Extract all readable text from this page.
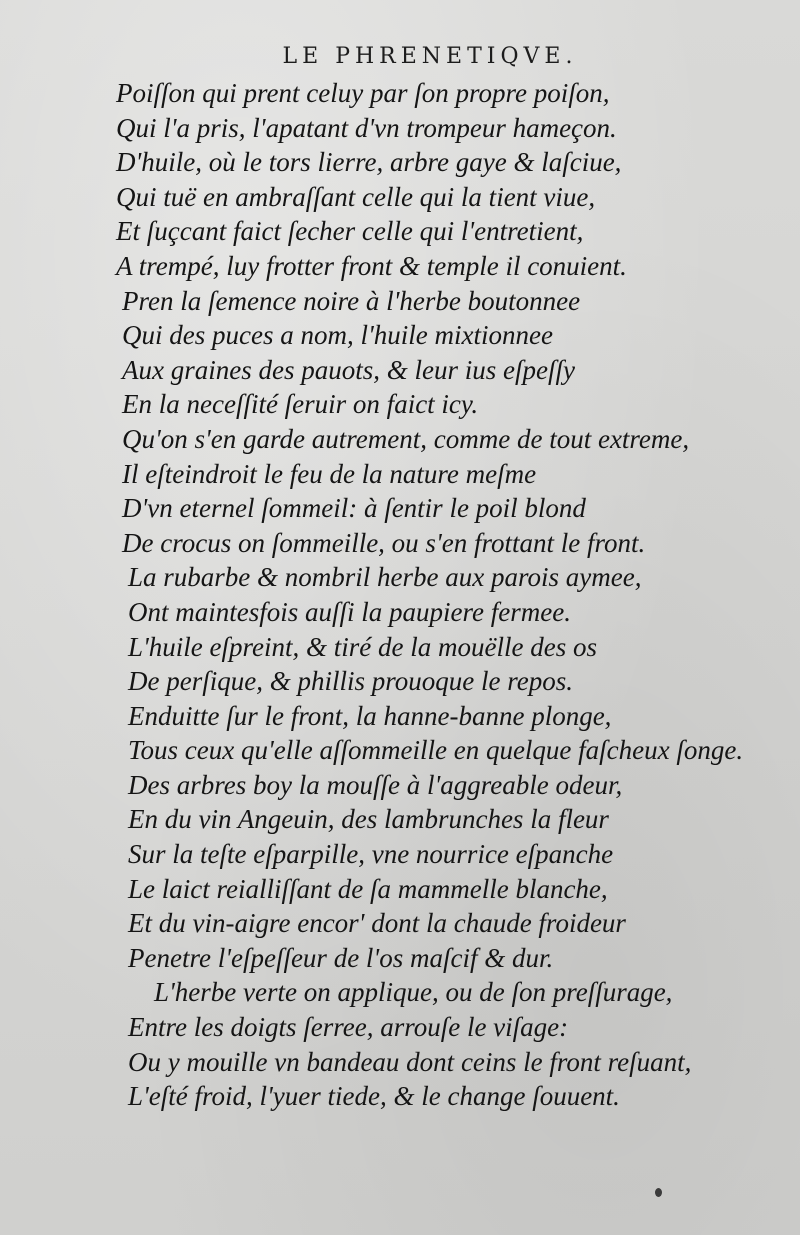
LE PHRENETIQVE.
Poiſſon qui prent celuy par ſon propre poiſon,
Qui l'a pris, l'apatant d'vn trompeur hameçon.
D'huile, où le tors lierre, arbre gaye & laſciue,
Qui tuë en ambraſſant celle qui la tient viue,
Et ſuçcant faict ſecher celle qui l'entretient,
A trempé, luy frotter front & temple il conuient.
Pren la ſemence noire à l'herbe boutonnee
Qui des puces a nom, l'huile mixtionnee
Aux graines des pauots, & leur ius eſpeſſy
En la neceſſité ſeruir on faict icy.
Qu'on s'en garde autrement, comme de tout extreme,
Il eſteindroit le feu de la nature meſme
D'vn eternel ſommeil: à ſentir le poil blond
De crocus on ſommeille, ou s'en frottant le front.
La rubarbe & nombril herbe aux parois aymee,
Ont maintesfois auſſi la paupiere fermee.
L'huile eſpreint, & tiré de la mouëlle des os
De perſique, & phillis prouoque le repos.
Enduitte ſur le front, la hanne-banne plonge,
Tous ceux qu'elle aſſommeille en quelque faſcheux ſonge.
Des arbres boy la mouſſe à l'aggreable odeur,
En du vin Angeuin, des lambrunches la fleur
Sur la teſte eſparpille, vne nourrice eſpanche
Le laict reialliſſant de ſa mammelle blanche,
Et du vin-aigre encor' dont la chaude froideur
Penetre l'eſpeſſeur de l'os maſcif & dur.
L'herbe verte on applique, ou de ſon preſſurage,
Entre les doigts ſerree, arrouſe le viſage:
Ou y mouille vn bandeau dont ceins le front reſuant,
L'eſté froid, l'yuer tiede, & le change ſouuent.
